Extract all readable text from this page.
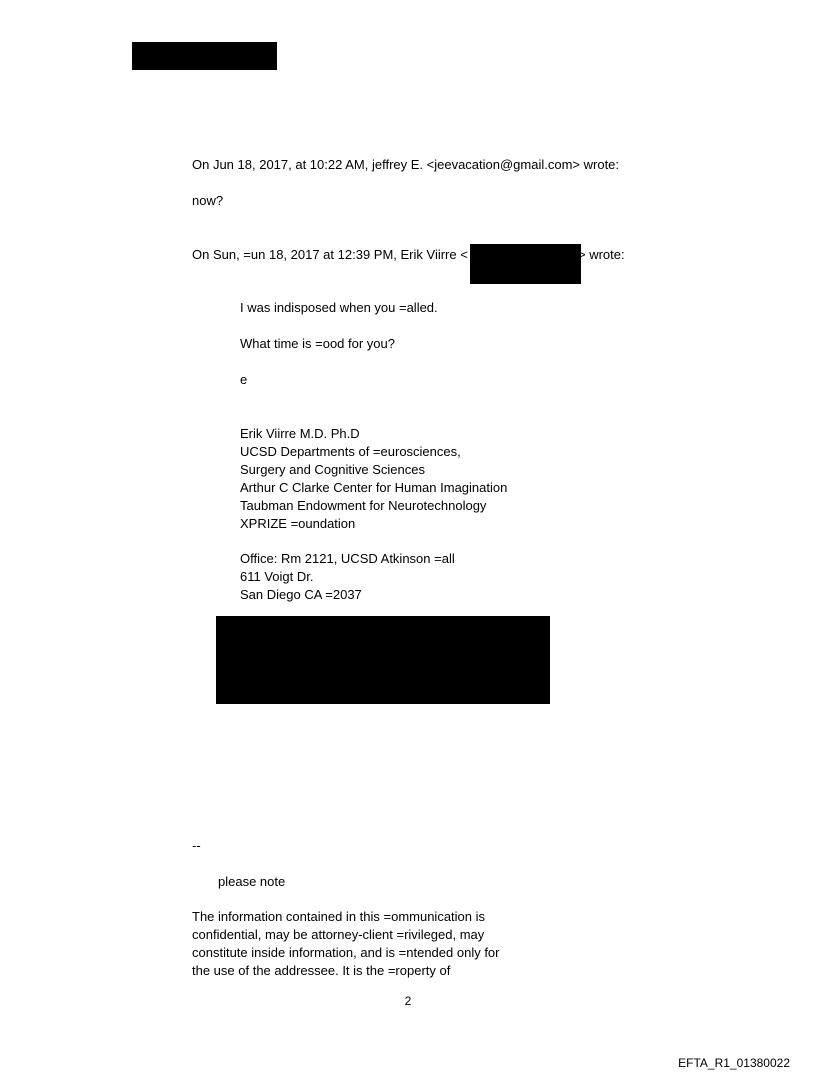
On Jun 18, 2017, at 10:22 AM, jeffrey E. <jeevacation@gmail.com> wrote:
now?
On Sun, =un 18, 2017 at 12:39 PM, Erik Viirre <	> wrote:
I was indisposed when you =alled.
What time is =ood for you?
e
Erik Viirre M.D. Ph.D
UCSD Departments of =eurosciences,
Surgery and Cognitive Sciences
Arthur C Clarke Center for Human Imagination
Taubman Endowment for Neurotechnology
XPRIZE =oundation
Office: Rm 2121, UCSD Atkinson =all
611 Voigt Dr.
San Diego CA =2037
--
please note
The information contained in this =ommunication is
confidential, may be attorney-client =rivileged, may
constitute inside information, and is =ntended only for
the use of the addressee. It is the =roperty of
2
EFTA_R1_01380022
